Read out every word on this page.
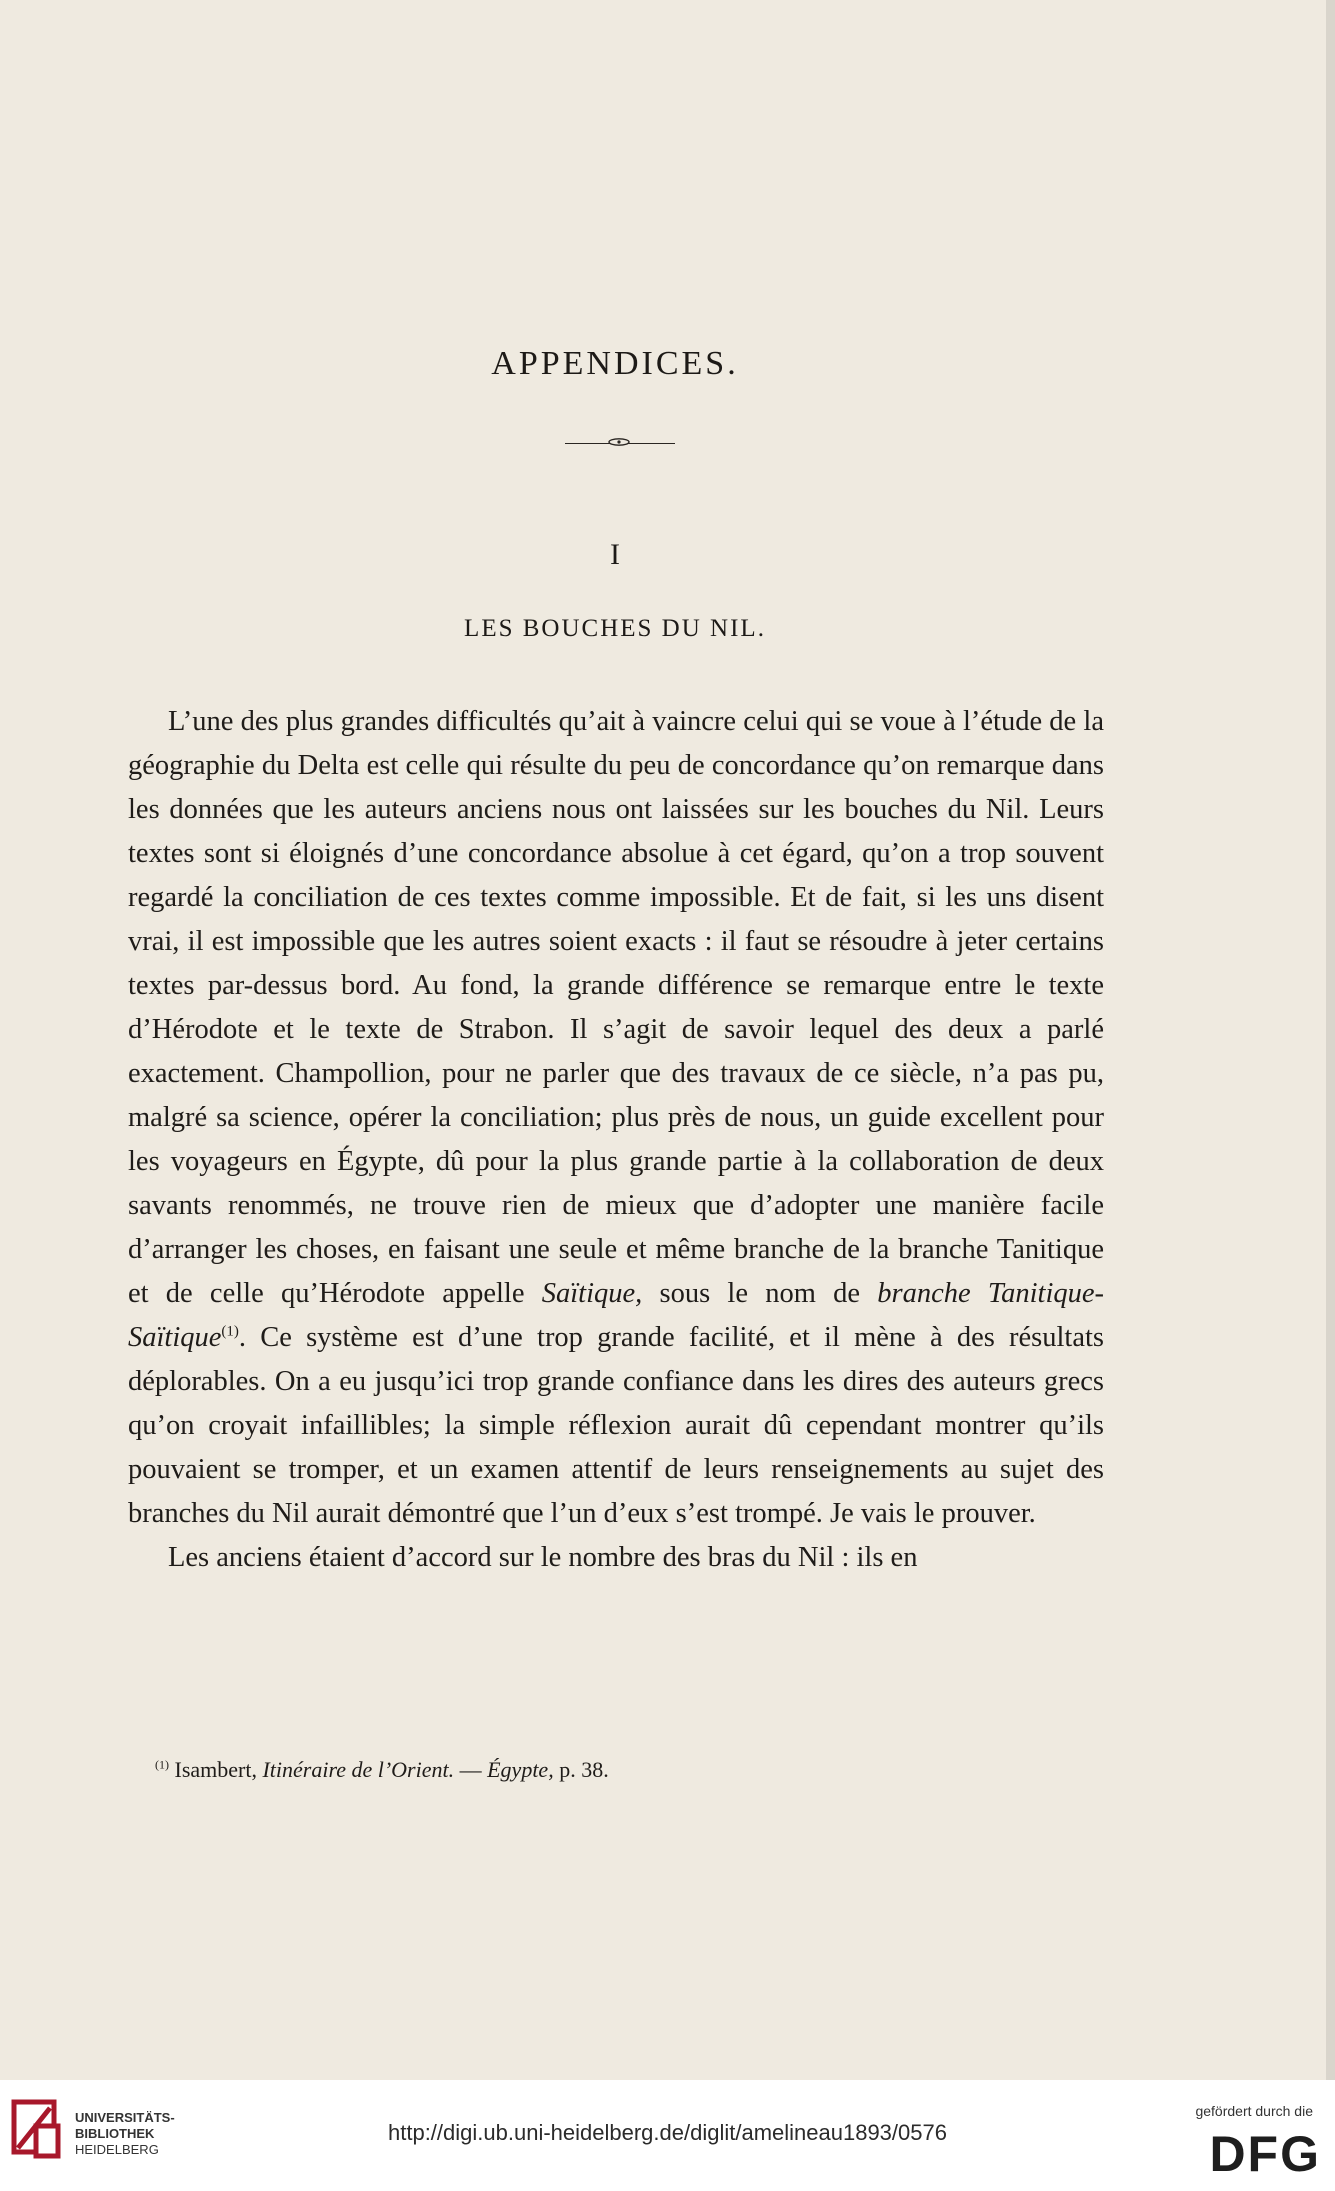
APPENDICES.
I
LES BOUCHES DU NIL.

L’une des plus grandes difficultés qu’ait à vaincre celui qui se voue à l’étude de la géographie du Delta est celle qui résulte du peu de concordance qu’on remarque dans les données que les auteurs anciens nous ont laissées sur les bouches du Nil. Leurs textes sont si éloignés d’une concordance absolue à cet égard, qu’on a trop souvent regardé la conciliation de ces textes comme impossible. Et de fait, si les uns disent vrai, il est impossible que les autres soient exacts : il faut se résoudre à jeter certains textes par-dessus bord. Au fond, la grande différence se remarque entre le texte d’Hérodote et le texte de Strabon. Il s’agit de savoir lequel des deux a parlé exactement. Champollion, pour ne parler que des travaux de ce siècle, n’a pas pu, malgré sa science, opérer la conciliation; plus près de nous, un guide excellent pour les voyageurs en Égypte, dû pour la plus grande partie à la collaboration de deux savants renommés, ne trouve rien de mieux que d’adopter une manière facile d’arranger les choses, en faisant une seule et même branche de la branche Tanitique et de celle qu’Hérodote appelle Saïtique, sous le nom de branche Tanitique-Saïtique$^{(1)}$. Ce système est d’une trop grande facilité, et il mène à des résultats déplorables. On a eu jusqu’ici trop grande confiance dans les dires des auteurs grecs qu’on croyait infaillibles; la simple réflexion aurait dû cependant montrer qu’ils pouvaient se tromper, et un examen attentif de leurs renseignements au sujet des branches du Nil aurait démontré que l’un d’eux s’est trompé. Je vais le prouver.

Les anciens étaient d’accord sur le nombre des bras du Nil : ils en

$^{(1)}$ Isambert, Itinéraire de l’Orient. — Égypte, p. 38.
UNIVERSITÄTS-
BIBLIOTHEK
HEIDELBERG
http://digi.ub.uni-heidelberg.de/diglit/amelineau1893/0576
gefördert durch die
DFG
